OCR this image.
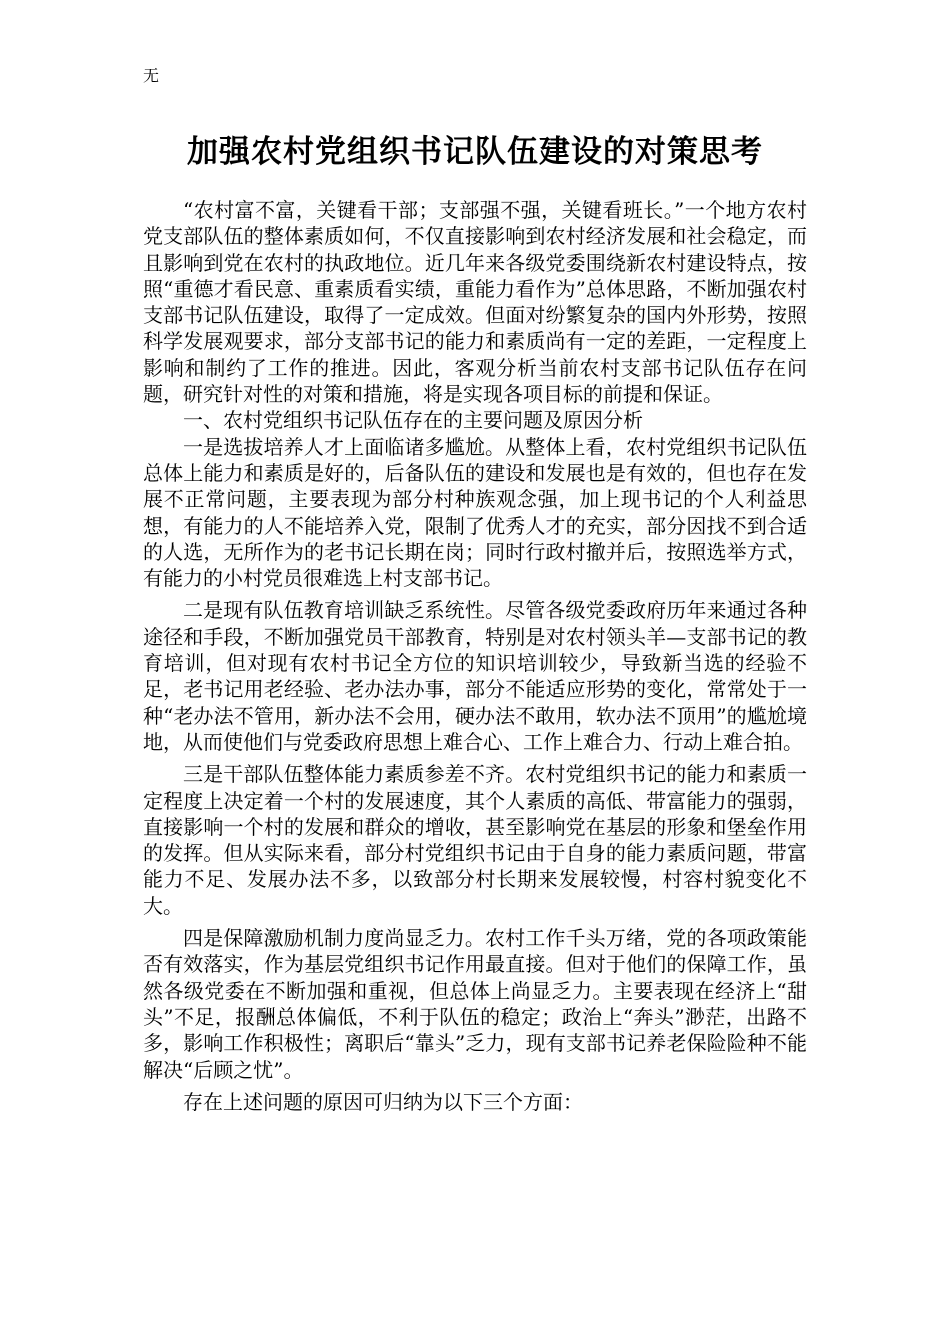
无
加强农村党组织书记队伍建设的对策思考

“农村富不富，关键看干部；支部强不强，关键看班长。”一个地方农村党支部队伍的整体素质如何，不仅直接影响到农村经济发展和社会稳定，而且影响到党在农村的执政地位。近几年来各级党委围绕新农村建设特点，按照“重德才看民意、重素质看实绩，重能力看作为”总体思路，不断加强农村支部书记队伍建设，取得了一定成效。但面对纷繁复杂的国内外形势，按照科学发展观要求，部分支部书记的能力和素质尚有一定的差距，一定程度上影响和制约了工作的推进。因此，客观分析当前农村支部书记队伍存在问题，研究针对性的对策和措施，将是实现各项目标的前提和保证。

一、农村党组织书记队伍存在的主要问题及原因分析

一是选拔培养人才上面临诸多尴尬。从整体上看，农村党组织书记队伍总体上能力和素质是好的，后备队伍的建设和发展也是有效的，但也存在发展不正常问题，主要表现为部分村种族观念强，加上现书记的个人利益思想，有能力的人不能培养入党，限制了优秀人才的充实，部分因找不到合适的人选，无所作为的老书记长期在岗；同时行政村撤并后，按照选举方式，有能力的小村党员很难选上村支部书记。

二是现有队伍教育培训缺乏系统性。尽管各级党委政府历年来通过各种途径和手段，不断加强党员干部教育，特别是对农村领头羊—支部书记的教育培训，但对现有农村书记全方位的知识培训较少，导致新当选的经验不足，老书记用老经验、老办法办事，部分不能适应形势的变化，常常处于一种“老办法不管用，新办法不会用，硬办法不敢用，软办法不顶用”的尴尬境地，从而使他们与党委政府思想上难合心、工作上难合力、行动上难合拍。

三是干部队伍整体能力素质参差不齐。农村党组织书记的能力和素质一定程度上决定着一个村的发展速度，其个人素质的高低、带富能力的强弱，直接影响一个村的发展和群众的增收，甚至影响党在基层的形象和堡垒作用的发挥。但从实际来看，部分村党组织书记由于自身的能力素质问题，带富能力不足、发展办法不多，以致部分村长期来发展较慢，村容村貌变化不大。

四是保障激励机制力度尚显乏力。农村工作千头万绪，党的各项政策能否有效落实，作为基层党组织书记作用最直接。但对于他们的保障工作，虽然各级党委在不断加强和重视，但总体上尚显乏力。主要表现在经济上“甜头”不足，报酬总体偏低，不利于队伍的稳定；政治上“奔头”渺茫，出路不多，影响工作积极性；离职后“靠头”乏力，现有支部书记养老保险险种不能解决“后顾之忧”。

存在上述问题的原因可归纳为以下三个方面：
